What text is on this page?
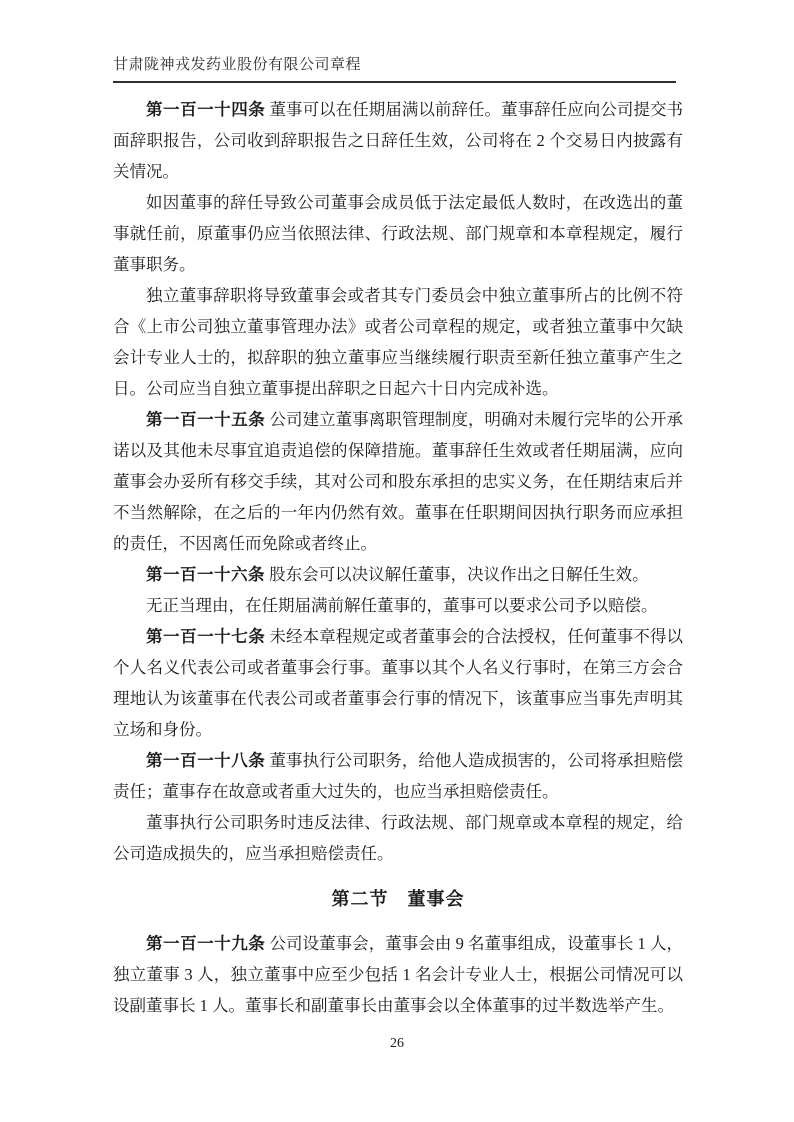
甘肃陇神戎发药业股份有限公司章程

第一百一十四条 董事可以在任期届满以前辞任。董事辞任应向公司提交书面辞职报告，公司收到辞职报告之日辞任生效，公司将在 2 个交易日内披露有关情况。

如因董事的辞任导致公司董事会成员低于法定最低人数时，在改选出的董事就任前，原董事仍应当依照法律、行政法规、部门规章和本章程规定，履行董事职务。

独立董事辞职将导致董事会或者其专门委员会中独立董事所占的比例不符合《上市公司独立董事管理办法》或者公司章程的规定，或者独立董事中欠缺会计专业人士的，拟辞职的独立董事应当继续履行职责至新任独立董事产生之日。公司应当自独立董事提出辞职之日起六十日内完成补选。

第一百一十五条 公司建立董事离职管理制度，明确对未履行完毕的公开承诺以及其他未尽事宜追责追偿的保障措施。董事辞任生效或者任期届满，应向董事会办妥所有移交手续，其对公司和股东承担的忠实义务，在任期结束后并不当然解除，在之后的一年内仍然有效。董事在任职期间因执行职务而应承担的责任，不因离任而免除或者终止。

第一百一十六条 股东会可以决议解任董事，决议作出之日解任生效。

无正当理由，在任期届满前解任董事的，董事可以要求公司予以赔偿。

第一百一十七条 未经本章程规定或者董事会的合法授权，任何董事不得以个人名义代表公司或者董事会行事。董事以其个人名义行事时，在第三方会合理地认为该董事在代表公司或者董事会行事的情况下，该董事应当事先声明其立场和身份。

第一百一十八条 董事执行公司职务，给他人造成损害的，公司将承担赔偿责任；董事存在故意或者重大过失的，也应当承担赔偿责任。

董事执行公司职务时违反法律、行政法规、部门规章或本章程的规定，给公司造成损失的，应当承担赔偿责任。

第二节　董事会

第一百一十九条 公司设董事会，董事会由 9 名董事组成，设董事长 1 人，独立董事 3 人，独立董事中应至少包括 1 名会计专业人士，根据公司情况可以设副董事长 1 人。董事长和副董事长由董事会以全体董事的过半数选举产生。

26
